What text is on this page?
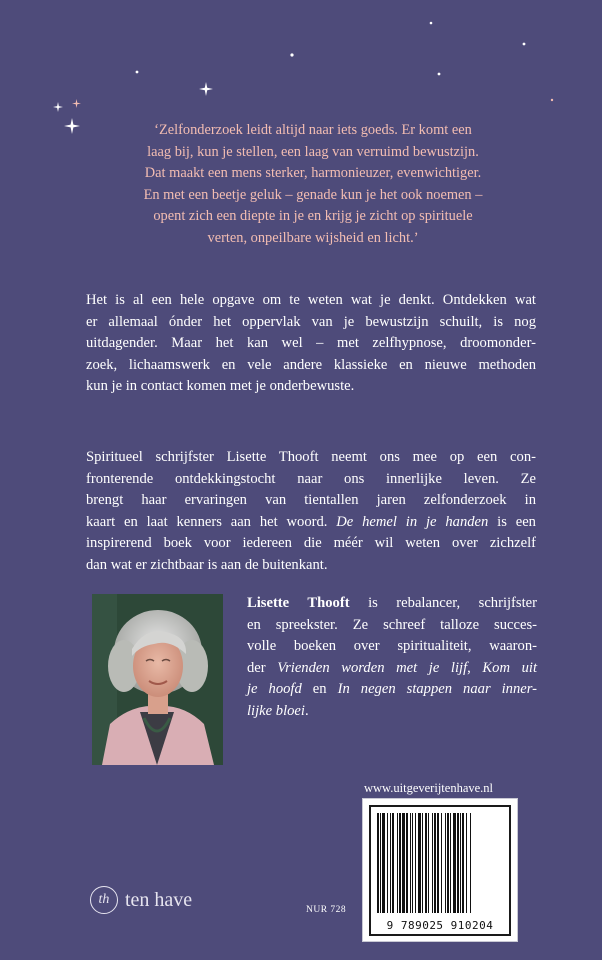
‘Zelfonderzoek leidt altijd naar iets goeds. Er komt een
laag bij, kun je stellen, een laag van verruimd bewustzijn.
Dat maakt een mens sterker, harmonieuzer, evenwichtiger.
En met een beetje geluk – genade kun je het ook noemen –
opent zich een diepte in je en krijg je zicht op spirituele
verten, onpeilbare wijsheid en licht.’
Het is al een hele opgave om te weten wat je denkt. Ontdekken wat
er allemaal ónder het oppervlak van je bewustzijn schuilt, is nog
uitdagender. Maar het kan wel – met zelfhypnose, droomonder-
zoek, lichaamswerk en vele andere klassieke en nieuwe methoden
kun je in contact komen met je onderbewuste.
Spiritueel schrijfster Lisette Thooft neemt ons mee op een con-
fronterende ontdekkingstocht naar ons innerlijke leven. Ze
brengt haar ervaringen van tientallen jaren zelfonderzoek in
kaart en laat kenners aan het woord. De hemel in je handen is een
inspirerend boek voor iedereen die méér wil weten over zichzelf
dan wat er zichtbaar is aan de buitenkant.
Lisette Thooft is rebalancer, schrijfster
en spreekster. Ze schreef talloze succes-
volle boeken over spiritualiteit, waaron-
der Vrienden worden met je lijf, Kom uit
je hoofd en In negen stappen naar inner-
lijke bloei.
www.uitgeverijtenhave.nl
9 789025 910204
NUR 728
th ten have
